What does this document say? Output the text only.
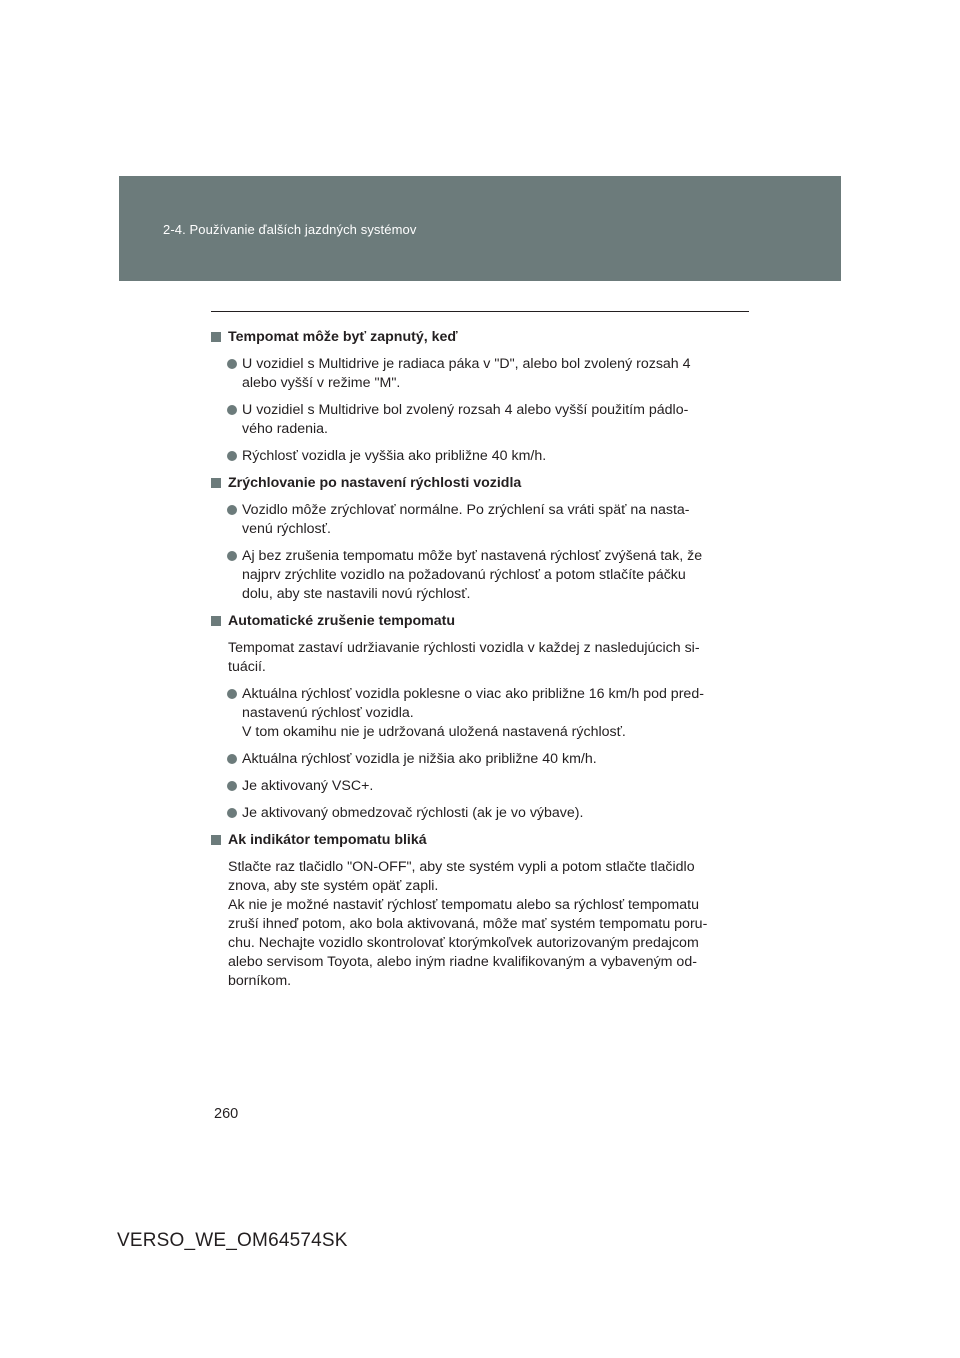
2-4. Používanie ďalších jazdných systémov
Tempomat môže byť zapnutý, keď
U vozidiel s Multidrive je radiaca páka v "D", alebo bol zvolený rozsah 4
alebo vyšší v režime "M".
U vozidiel s Multidrive bol zvolený rozsah 4 alebo vyšší použitím pádlo-
vého radenia.
Rýchlosť vozidla je vyššia ako približne 40 km/h.
Zrýchlovanie po nastavení rýchlosti vozidla
Vozidlo môže zrýchlovať normálne. Po zrýchlení sa vráti späť na nasta-
venú rýchlosť.
Aj bez zrušenia tempomatu môže byť nastavená rýchlosť zvýšená tak, že
najprv zrýchlite vozidlo na požadovanú rýchlosť a potom stlačíte páčku
dolu, aby ste nastavili novú rýchlosť.
Automatické zrušenie tempomatu
Tempomat zastaví udržiavanie rýchlosti vozidla v každej z nasledujúcich si-
tuácií.
Aktuálna rýchlosť vozidla poklesne o viac ako približne 16 km/h pod pred-
nastavenú rýchlosť vozidla.
V tom okamihu nie je udržovaná uložená nastavená rýchlosť.
Aktuálna rýchlosť vozidla je nižšia ako približne 40 km/h.
Je aktivovaný VSC+.
Je aktivovaný obmedzovač rýchlosti (ak je vo výbave).
Ak indikátor tempomatu bliká
Stlačte raz tlačidlo "ON-OFF", aby ste systém vypli a potom stlačte tlačidlo
znova, aby ste systém opäť zapli.
Ak nie je možné nastaviť rýchlosť tempomatu alebo sa rýchlosť tempomatu
zruší ihneď potom, ako bola aktivovaná, môže mať systém tempomatu poru-
chu. Nechajte vozidlo skontrolovať ktorýmkoľvek autorizovaným predajcom
alebo servisom Toyota, alebo iným riadne kvalifikovaným a vybaveným od-
borníkom.
260
VERSO_WE_OM64574SK
